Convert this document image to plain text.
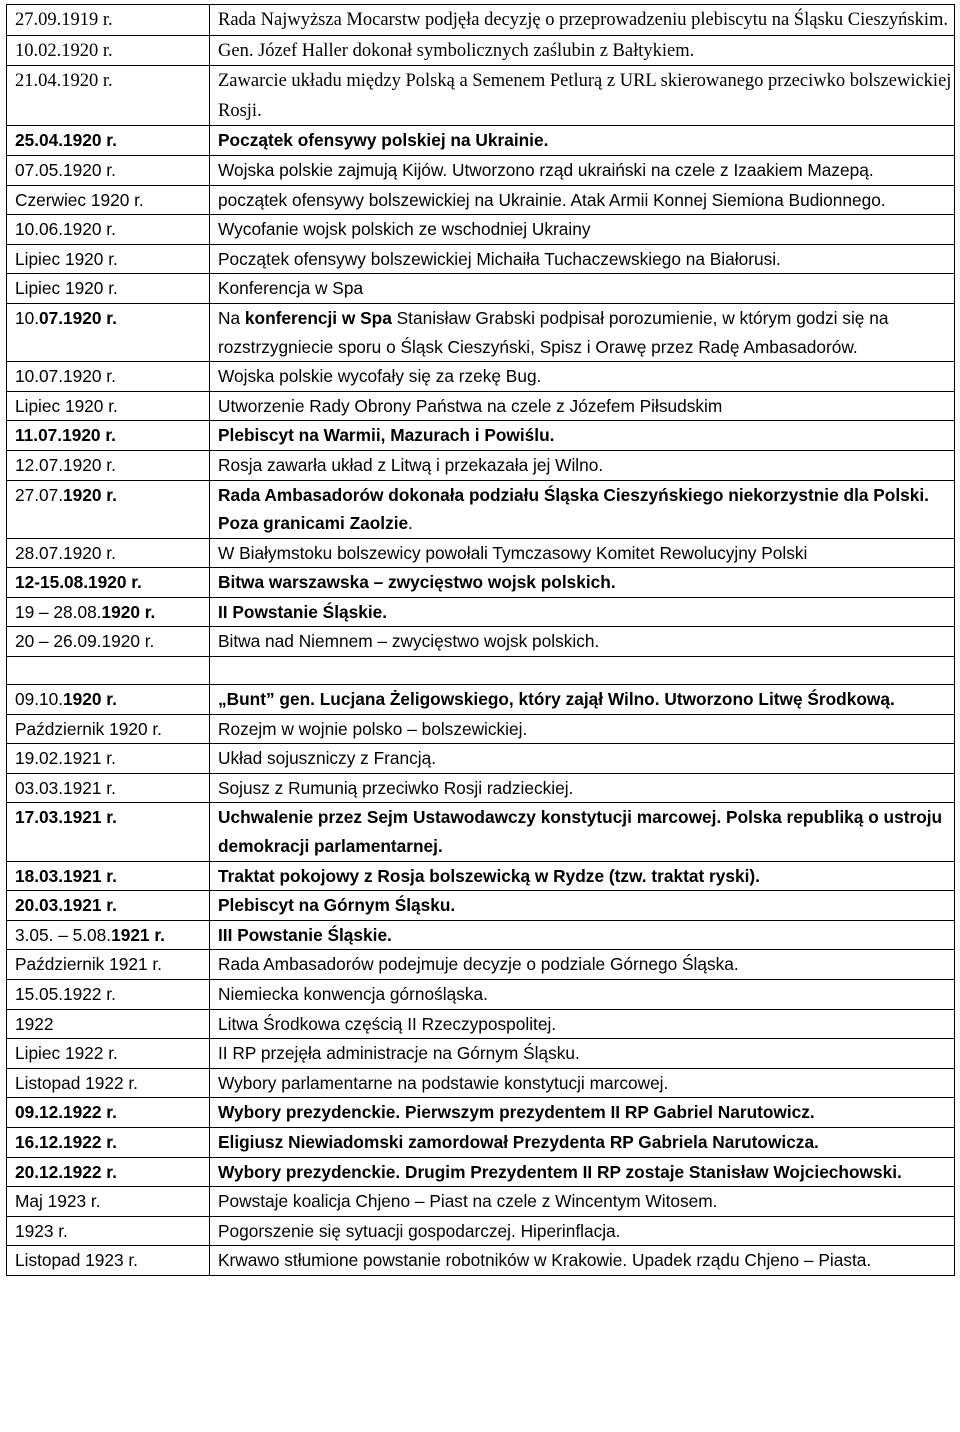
27.09.1919 r.	Rada Najwyższa Mocarstw podjęła decyzję o przeprowadzeniu plebiscytu na Śląsku Cieszyńskim.
10.02.1920 r.	Gen. Józef Haller dokonał symbolicznych zaślubin z Bałtykiem.
21.04.1920 r.	Zawarcie układu między Polską a Semenem Petlurą z URL skierowanego przeciwko bolszewickiej Rosji.
25.04.1920 r.	Początek ofensywy polskiej na Ukrainie.
07.05.1920 r.	Wojska polskie zajmują Kijów. Utworzono rząd ukraiński na czele z Izaakiem Mazepą.
Czerwiec 1920 r.	początek ofensywy bolszewickiej na Ukrainie. Atak Armii Konnej Siemiona Budionnego.
10.06.1920 r.	Wycofanie wojsk polskich ze wschodniej Ukrainy
Lipiec 1920 r.	Początek ofensywy bolszewickiej Michaiła Tuchaczewskiego na Białorusi.
Lipiec 1920 r.	Konferencja w Spa
10.07.1920 r.	Na konferencji w Spa Stanisław Grabski podpisał porozumienie, w którym godzi się na rozstrzygniecie sporu o Śląsk Cieszyński, Spisz i Orawę przez Radę Ambasadorów.
10.07.1920 r.	Wojska polskie wycofały się za rzekę Bug.
Lipiec 1920 r.	Utworzenie Rady Obrony Państwa na czele z Józefem Piłsudskim
11.07.1920 r.	Plebiscyt na Warmii, Mazurach i Powiślu.
12.07.1920 r.	Rosja zawarła układ z Litwą i przekazała jej Wilno.
27.07.1920 r.	Rada Ambasadorów dokonała podziału Śląska Cieszyńskiego niekorzystnie dla Polski. Poza granicami Zaolzie.
28.07.1920 r.	W Białymstoku bolszewicy powołali Tymczasowy Komitet Rewolucyjny Polski
12-15.08.1920 r.	Bitwa warszawska – zwycięstwo wojsk polskich.
19 – 28.08.1920 r.	II Powstanie Śląskie.
20 – 26.09.1920 r.	Bitwa nad Niemnem – zwycięstwo wojsk polskich.

09.10.1920 r.	„Bunt” gen. Lucjana Żeligowskiego, który zajął Wilno. Utworzono Litwę Środkową.
Październik 1920 r.	Rozejm w wojnie polsko – bolszewickiej.
19.02.1921 r.	Układ sojuszniczy z Francją.
03.03.1921 r.	Sojusz z Rumunią przeciwko Rosji radzieckiej.
17.03.1921 r.	Uchwalenie przez Sejm Ustawodawczy konstytucji marcowej. Polska republiką o ustroju demokracji parlamentarnej.
18.03.1921 r.	Traktat pokojowy z Rosja bolszewicką w Rydze (tzw. traktat ryski).
20.03.1921 r.	Plebiscyt na Górnym Śląsku.
3.05. – 5.08.1921 r.	III Powstanie Śląskie.
Październik 1921 r.	Rada Ambasadorów podejmuje decyzje o podziale Górnego Śląska.
15.05.1922 r.	Niemiecka konwencja górnośląska.
1922	Litwa Środkowa częścią II Rzeczypospolitej.
Lipiec 1922 r.	II RP przejęła administracje na Górnym Śląsku.
Listopad 1922 r.	Wybory parlamentarne na podstawie konstytucji marcowej.
09.12.1922 r.	Wybory prezydenckie. Pierwszym prezydentem II RP Gabriel Narutowicz.
16.12.1922 r.	Eligiusz Niewiadomski zamordował Prezydenta RP Gabriela Narutowicza.
20.12.1922 r.	Wybory prezydenckie. Drugim Prezydentem II RP zostaje Stanisław Wojciechowski.
Maj 1923 r.	Powstaje koalicja Chjeno – Piast na czele z Wincentym Witosem.
1923 r.	Pogorszenie się sytuacji gospodarczej. Hiperinflacja.
Listopad 1923 r.	Krwawo stłumione powstanie robotników w Krakowie. Upadek rządu Chjeno – Piasta.
